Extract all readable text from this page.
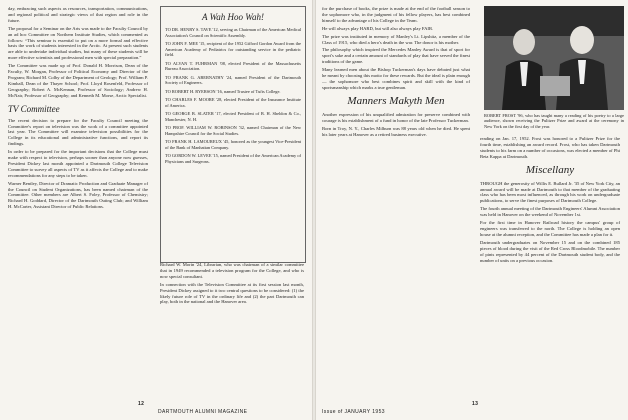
day, embracing such aspects as resources, transportation, communications, and regional political and strategic views of that region and role in the future.

The proposal for a Seminar on the Arts was made to the Faculty Council by an ad hoc Committee on Northern Institute Studies, which commented as follows: “This seminar is essential to put on a more formal and effective basis the work of students interested in the Arctic. At present such students are able to undertake individual studies, but many of these students will be more effective scientists and professional men with special preparation.”

The Committee was made up of Prof. Donald H. Morrison, Dean of the Faculty, W. Morgan, Professor of Political Economy and Director of the Program; Richard M. Colby of the Department of Geology; Prof. William P. Kimball, Dean of the Thayer School; Prof. Lloyd Rosenfeld, Professor of Geography; Robert A. McKennan, Professor of Sociology; Andrew H. McNair, Professor of Geography; and Kenneth M. Morse, Arctic Specialist.

TV Committee

The recent decision to prepare for the Faculty Council meeting the Committee's report on television was the work of a committee appointed last year. The Committee will examine television possibilities for the College in its educational and administrative functions, and report its findings.

In order to be prepared for the important decisions that the College must make with respect to television, perhaps sooner than anyone now guesses, President Dickey last month appointed a Dartmouth College Television Committee to survey all aspects of TV as it affects the College and to make recommendations for any steps to be taken.

Warner Bentley, Director of Dramatic Production and Graduate Manager of the Council on Student Organizations, has been named chairman of the Committee. Other members are Albert S. Foley, Professor of Chemistry; Richard H. Goddard, Director of the Dartmouth Outing Club; and William H. McCarter, Assistant Director of Public Relations.

A Wah Hoo Wah!

TO DR. HENRY S. TAVE '12, serving as Chairman of the American Medical Association's Council on Scientific Assembly.

TO JOHN F. MEE '15, recipient of the 1952 Gifford Gordon Award from the American Academy of Pediatrics for outstanding service in the pediatric field.

TO ALVAN T. FUHRMAN '08, elected President of the Massachusetts Bureau Association.

TO FRANK G. ABERNATHY '24, named President of the Dartmouth Society of Engineers.

TO ROBERT H. RYERSON '16, named Trustee of Tufts College.

TO CHARLES F. MOORE '28, elected President of the Insurance Institute of America.

TO GEORGE B. SLATER '17, elected President of B. H. Sheldon & Co., Manchester, N. H.

TO PROF. WILLIAM W. ROBINSON '32, named Chairman of the New Hampshire Council for the Social Studies.

TO FRANK H. LAMOUREUX '45, honored as the youngest Vice-President of the Bank of Manhattan Company.

TO GORDON W. LEVEE '15, named President of the American Academy of Physicians and Surgeons.

Richard W. Morin '24, Librarian, who was chairman of a similar committee that in 1949 recommended a television program for the College, and who is now special consultant.

In connection with the Television Committee at its first session last month, President Dickey assigned to it two central questions to be considered: (1) the likely future role of TV in the ordinary life and (2) the part Dartmouth can play, both in the national and the Hanover area.

12
DARTMOUTH ALUMNI MAGAZINE

for the purchase of books, the prize is made at the end of the football season to the sophomore who, in the judgment of his fellow players, has best combined himself to the advantage of his College in the Team.

He will always play HARD, but will also always play FAIR.

The prize was instituted in memory of Manley's Lt. Lipshitz, a member of the Class of 1915, who died a hero's death in the war. The donor is his mother.

The philosophy which inspired the Mercedes Manley Award is that of sport for sport's sake and a certain amount of standards of play that have served the finest traditions of the game.

Many learned men about the Bishop Tuckerman's days have debated just what he meant by choosing this motto for these rewards. But the ideal is plain enough — the sophomore who best combines spirit and skill with the kind of sportsmanship which marks a true gentleman.

Manners Makyth Men

Another expression of his unqualified admiration for preserve combined with courage is his establishment of a fund in honor of the late Professor Tuckerman.

Born in Troy, N. Y., Charles Milburn was 88 years old when he died. He spent his later years at Hanover as a retired business executive.

ROBERT FROST '96, who has taught many a reading of his poetry to a large audience, shown receiving the Pulitzer Prize and award at the ceremony in New York on the first day of the year.

reading on Jan. 17, 1952. Frost was honored to a Pulitzer Prize for the fourth time, establishing an award record. Frost, who has taken Dartmouth students to his farm on a number of occasions, was elected a member of Phi Beta Kappa at Dartmouth.

Miscellany

THROUGH the generosity of Willis E. Bullard Jr. '35 of New York City, an annual award will be made at Dartmouth to that member of the graduating class who has been most influenced, as through his work on undergraduate publications, to serve the finest purposes of Dartmouth College.

The fourth annual meeting of the Dartmouth Engineers' Alumni Association was held in Hanover on the weekend of November 1st.

For the first time in Hanover Railroad history the campus' group of engineers was transferred to the north. The College is holding an open house at the alumni reception, and the Committee has made a plan for it.

Dartmouth undergraduates on November 15 and on the combined 185 pieces of blood during the visit of the Red Cross Bloodmobile. The number of pints represented by 44 percent of the Dartmouth student body, and the number of units on a previous occasion.

Issue of JANUARY 1953
13
